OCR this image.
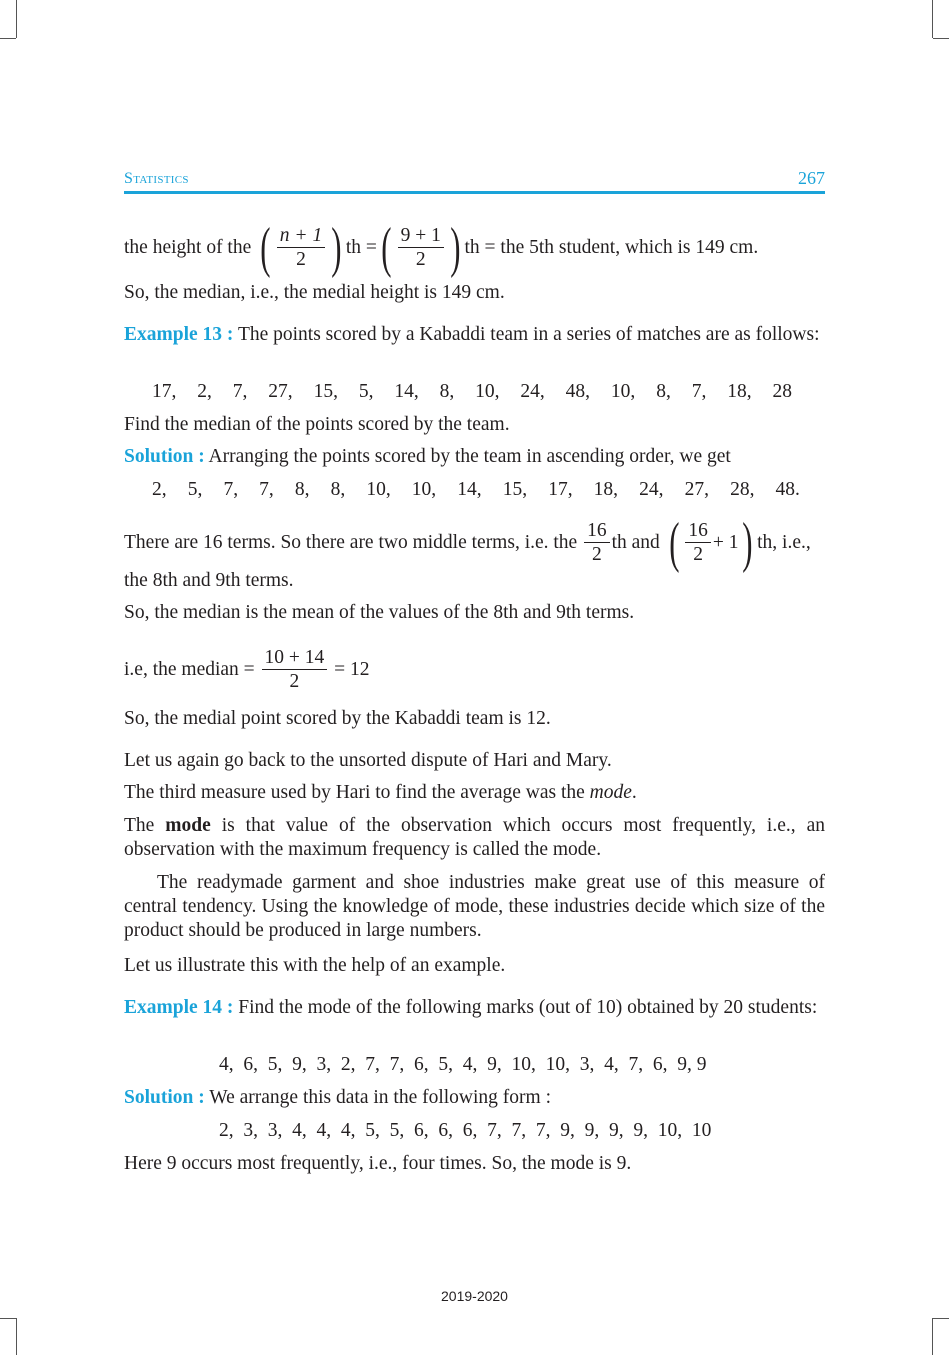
Statistics	267
the height of the
( $\frac{n + 1}{2}$ ) th = ( $\frac{9 + 1}{2}$ ) th = the 5th student, which is 149 cm.
So, the median, i.e., the medial height is 149 cm.
Example 13 : The points scored by a Kabaddi team in a series of matches are as follows:
17, 2, 7, 27, 15, 5, 14, 8, 10, 24, 48, 10, 8, 7, 18, 28
Find the median of the points scored by the team.
Solution : Arranging the points scored by the team in ascending order, we get
2, 5, 7, 7, 8, 8, 10, 10, 14, 15, 17, 18, 24, 27, 28, 48.
There are 16 terms. So there are two middle terms, i.e. the
$\frac{16}{2}$ th and
( $\frac{16}{2} + 1$ ) th, i.e.,
the 8th and 9th terms.
So, the median is the mean of the values of the 8th and 9th terms.
i.e, the median =
$\frac{10 + 14}{2}$
= 12
So, the medial point scored by the Kabaddi team is 12.
Let us again go back to the unsorted dispute of Hari and Mary.
The third measure used by Hari to find the average was the mode.
The mode is that value of the observation which occurs most frequently, i.e., an observation with the maximum frequency is called the mode.
The readymade garment and shoe industries make great use of this measure of central tendency. Using the knowledge of mode, these industries decide which size of the product should be produced in large numbers.
Let us illustrate this with the help of an example.
Example 14 : Find the mode of the following marks (out of 10) obtained by 20 students:
4,  6,  5,  9,  3,  2,  7,  7,  6,  5,  4,  9,  10,  10,  3,  4,  7,  6,  9, 9
Solution : We arrange this data in the following form :
2,  3,  3,  4,  4,  4,  5,  5,  6,  6,  6,  7,  7,  7,  9,  9,  9,  9,  10,  10
Here 9 occurs most frequently, i.e., four times. So, the mode is 9.
2019-2020
